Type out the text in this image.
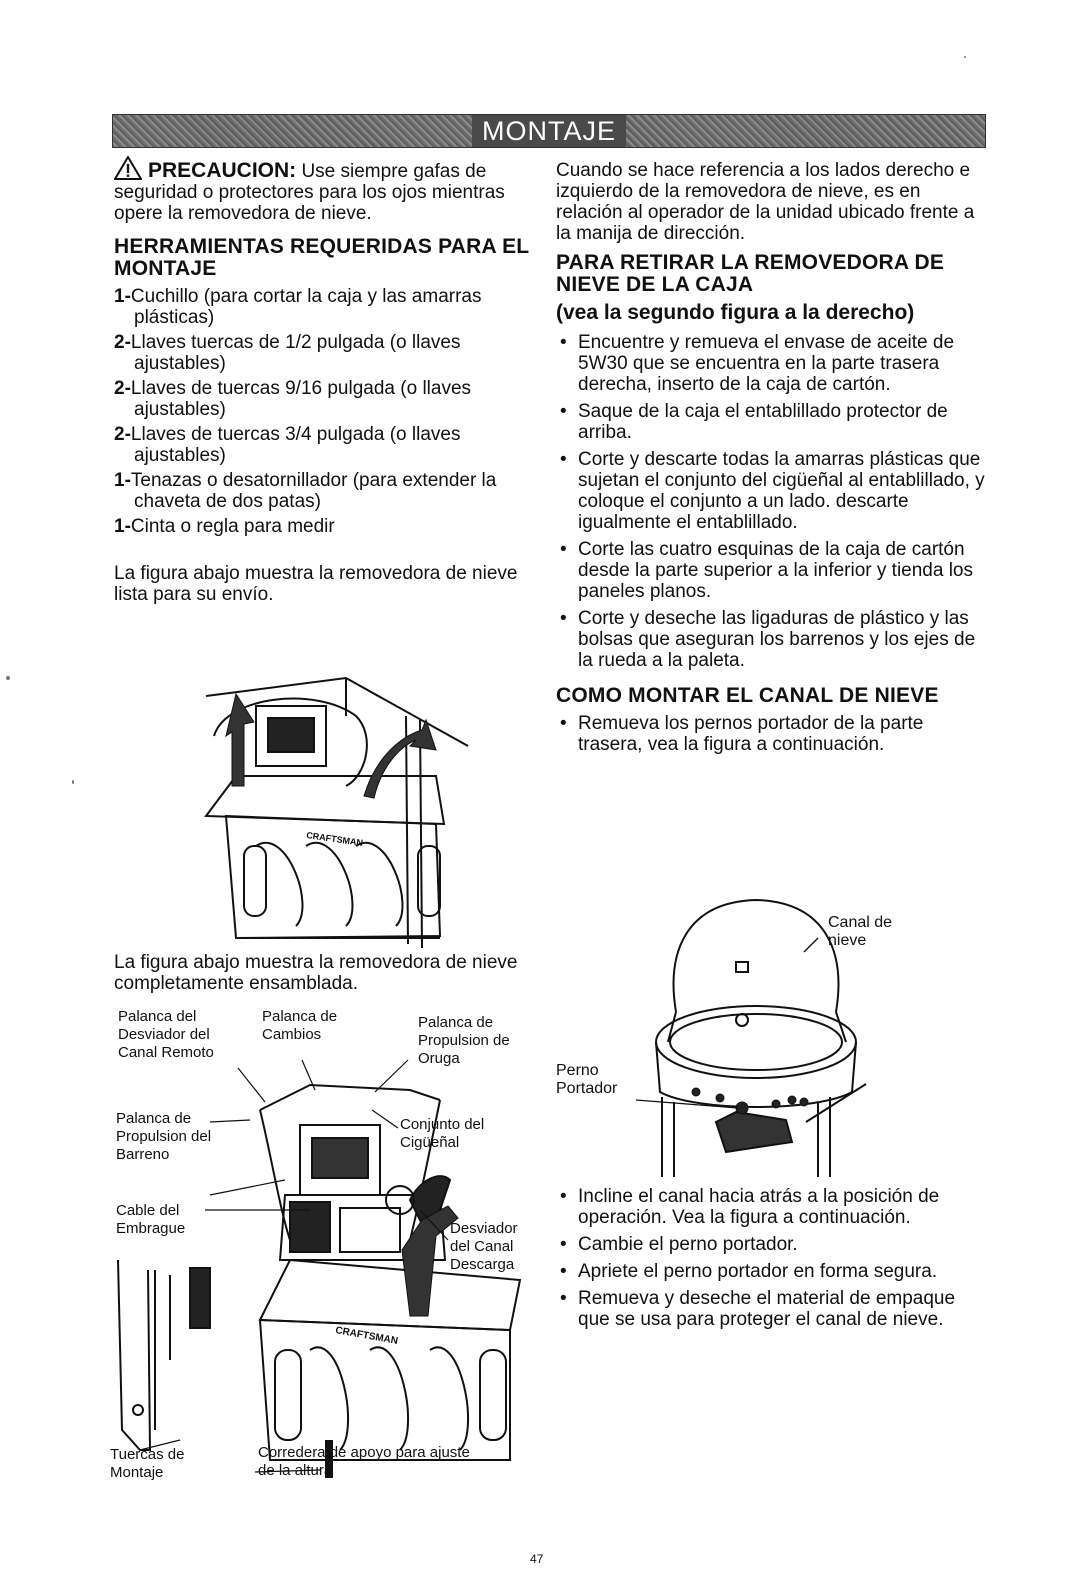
MONTAJE
PRECAUCION: Use siempre gafas de seguridad o protectores para los ojos mientras opere la removedora de nieve.
HERRAMIENTAS REQUERIDAS PARA EL MONTAJE
1-Cuchillo (para cortar la caja y las amarras plásticas)
2-Llaves tuercas de 1/2 pulgada (o llaves ajustables)
2-Llaves de tuercas 9/16 pulgada (o llaves ajustables)
2-Llaves de tuercas 3/4 pulgada (o llaves ajustables)
1-Tenazas o desatornillador (para extender la chaveta de dos patas)
1-Cinta o regla para medir

La figura abajo muestra la removedora de nieve lista para su envío.

CRAFTSMAN

La figura abajo muestra la removedora de nieve completamente ensamblada.

CRAFTSMAN
Palanca del Desviador del Canal Remoto
Palanca de Cambios
Palanca de Propulsion de Oruga
Palanca de Propulsion del Barreno
Conjunto del Cigüeñal
Cable del Embrague	Desviador del Canal Descarga
Tuercas de Montaje
Corredera de apoyo para ajuste de la altura

Cuando se hace referencia a los lados derecho e izquierdo de la removedora de nieve, es en relación al operador de la unidad ubicado frente a la manija de dirección.

PARA RETIRAR LA REMOVEDORA DE NIEVE DE LA CAJA
(vea la segundo figura a la derecho)
• Encuentre y remueva el envase de aceite de 5W30 que se encuentra en la parte trasera derecha, inserto de la caja de cartón.
• Saque de la caja el entablillado protector de arriba.
• Corte y descarte todas la amarras plásticas que sujetan el conjunto del cigüeñal al entablillado, y coloque el conjunto a un lado. descarte igualmente el entablillado.
• Corte las cuatro esquinas de la caja de cartón desde la parte superior a la inferior y tienda los paneles planos.
• Corte y deseche las ligaduras de plástico y las bolsas que aseguran los barrenos y los ejes de la rueda a la paleta.
COMO MONTAR EL CANAL DE NIEVE
• Remueva los pernos portador de la parte trasera, vea la figura a continuación.
Canal de nieve
Perno Portador
• Incline el canal hacia atrás a la posición de operación. Vea la figura a continuación.
• Cambie el perno portador.
• Apriete el perno portador en forma segura.
• Remueva y deseche el material de empaque que se usa para proteger el canal de nieve.
47
